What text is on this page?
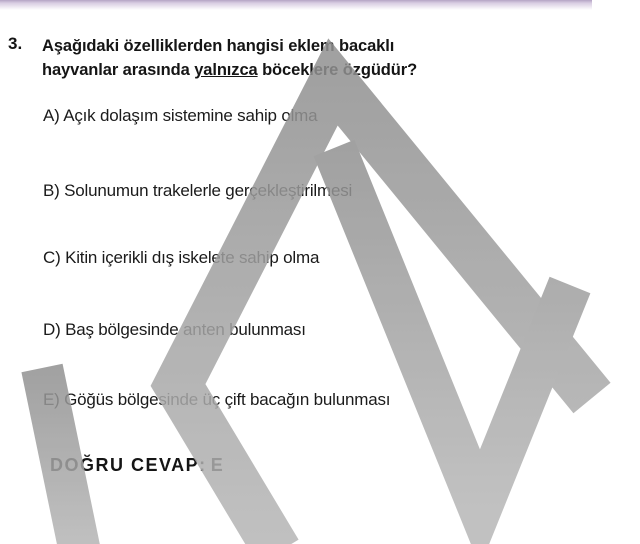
3. Aşağıdaki özelliklerden hangisi eklem bacaklı
hayvanlar arasında yalnızca böceklere özgüdür?
A) Açık dolaşım sistemine sahip olma
B) Solunumun trakelerle gerçekleştirilmesi
C) Kitin içerikli dış iskelete sahip olma
D) Baş bölgesinde anten bulunması
E) Göğüs bölgesinde üç çift bacağın bulunması
DOĞRU CEVAP: E
